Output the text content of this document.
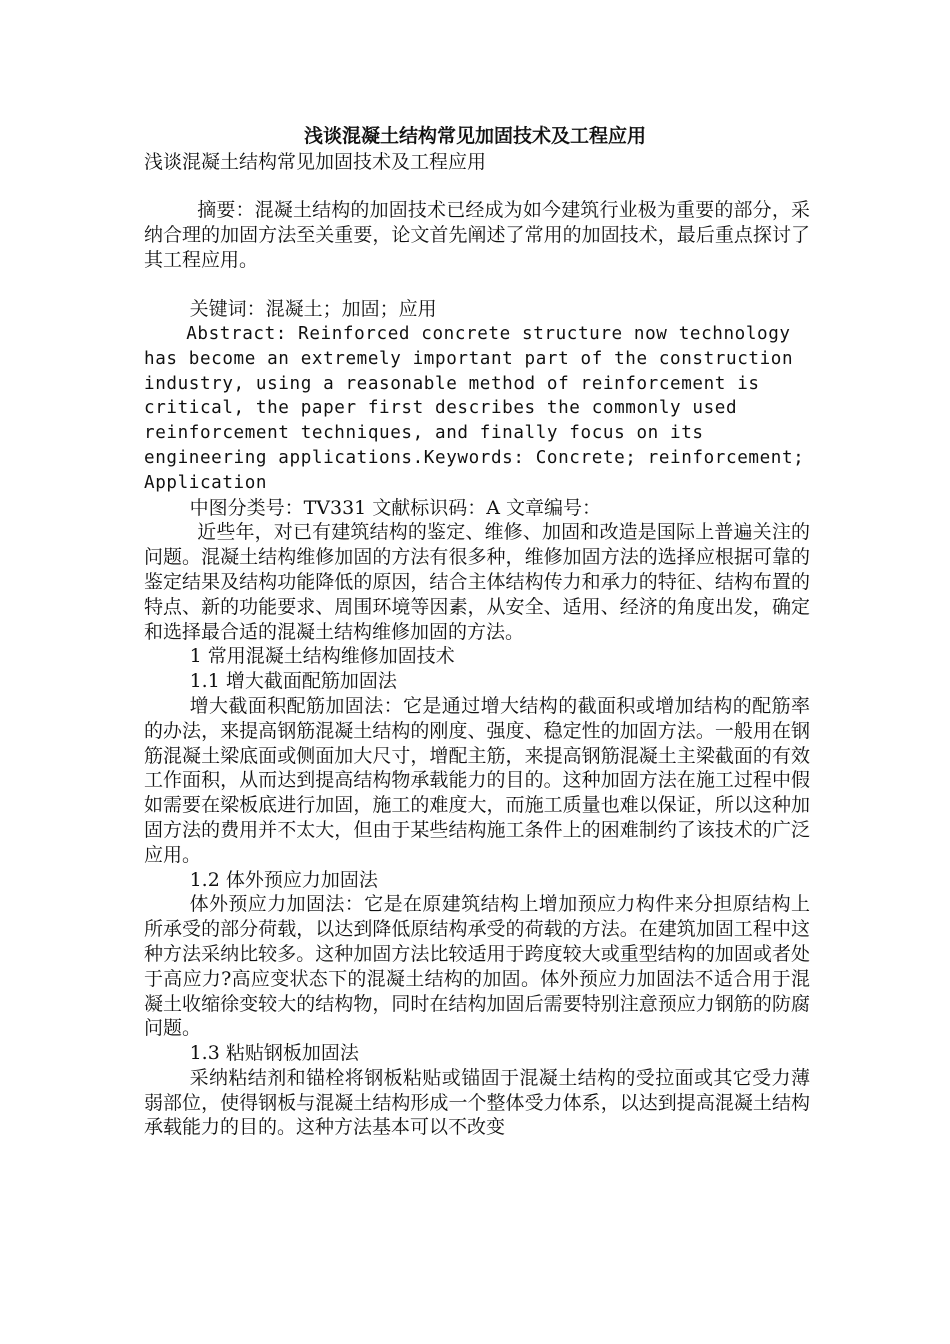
浅谈混凝土结构常见加固技术及工程应用
浅谈混凝土结构常见加固技术及工程应用

摘要：混凝土结构的加固技术已经成为如今建筑行业极为重要的部分，采纳合理的加固方法至关重要，论文首先阐述了常用的加固技术，最后重点探讨了其工程应用。

关键词：混凝土；加固；应用

Abstract: Reinforced concrete structure now technology has become an extremely important part of the construction industry, using a reasonable method of reinforcement is critical, the paper first describes the commonly used reinforcement techniques, and finally focus on its engineering applications.Keywords: Concrete; reinforcement; Application

中图分类号：TV331 文献标识码：A 文章编号：

近些年，对已有建筑结构的鉴定、维修、加固和改造是国际上普遍关注的问题。混凝土结构维修加固的方法有很多种，维修加固方法的选择应根据可靠的鉴定结果及结构功能降低的原因，结合主体结构传力和承力的特征、结构布置的特点、新的功能要求、周围环境等因素，从安全、适用、经济的角度出发，确定和选择最合适的混凝土结构维修加固的方法。

1 常用混凝土结构维修加固技术

1.1 增大截面配筋加固法

增大截面积配筋加固法：它是通过增大结构的截面积或增加结构的配筋率的办法，来提高钢筋混凝土结构的刚度、强度、稳定性的加固方法。一般用在钢筋混凝土梁底面或侧面加大尺寸，增配主筋，来提高钢筋混凝土主梁截面的有效工作面积，从而达到提高结构物承载能力的目的。这种加固方法在施工过程中假如需要在梁板底进行加固，施工的难度大，而施工质量也难以保证，所以这种加固方法的费用并不太大，但由于某些结构施工条件上的困难制约了该技术的广泛应用。

1.2 体外预应力加固法

体外预应力加固法：它是在原建筑结构上增加预应力构件来分担原结构上所承受的部分荷载，以达到降低原结构承受的荷载的方法。在建筑加固工程中这种方法采纳比较多。这种加固方法比较适用于跨度较大或重型结构的加固或者处于高应力?高应变状态下的混凝土结构的加固。体外预应力加固法不适合用于混凝土收缩徐变较大的结构物，同时在结构加固后需要特别注意预应力钢筋的防腐问题。

1.3 粘贴钢板加固法

采纳粘结剂和锚栓将钢板粘贴或锚固于混凝土结构的受拉面或其它受力薄弱部位，使得钢板与混凝土结构形成一个整体受力体系，以达到提高混凝土结构承载能力的目的。这种方法基本可以不改变
